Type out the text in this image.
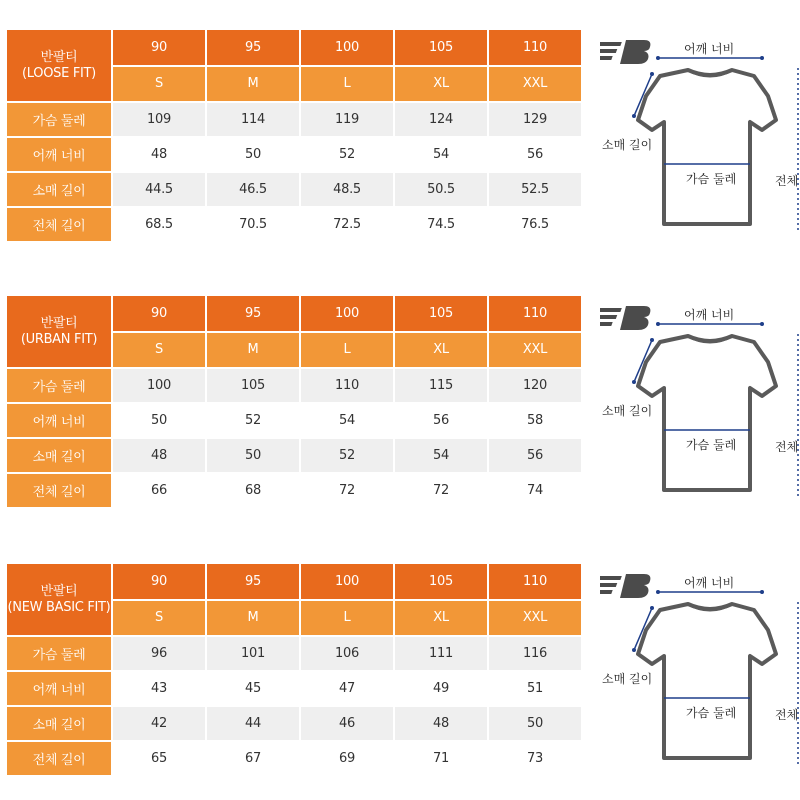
반팔티
(LOOSE FIT)	90	95	100	105	110
	S	M	L	XL	XXL
가슴 둘레	109	114	119	124	129
어깨 너비	48	50	52	54	56
소매 길이	44.5	46.5	48.5	50.5	52.5
전체 길이	68.5	70.5	72.5	74.5	76.5
어깨 너비
소매 길이
가슴 둘레	전체
반팔티
(URBAN FIT)	90	95	100	105	110
	S	M	L	XL	XXL
가슴 둘레	100	105	110	115	120
어깨 너비	50	52	54	56	58
소매 길이	48	50	52	54	56
전체 길이	66	68	72	72	74
어깨 너비
소매 길이
가슴 둘레	전체
반팔티
(NEW BASIC FIT)	90	95	100	105	110
	S	M	L	XL	XXL
가슴 둘레	96	101	106	111	116
어깨 너비	43	45	47	49	51
소매 길이	42	44	46	48	50
전체 길이	65	67	69	71	73
어깨 너비
소매 길이
가슴 둘레	전체
